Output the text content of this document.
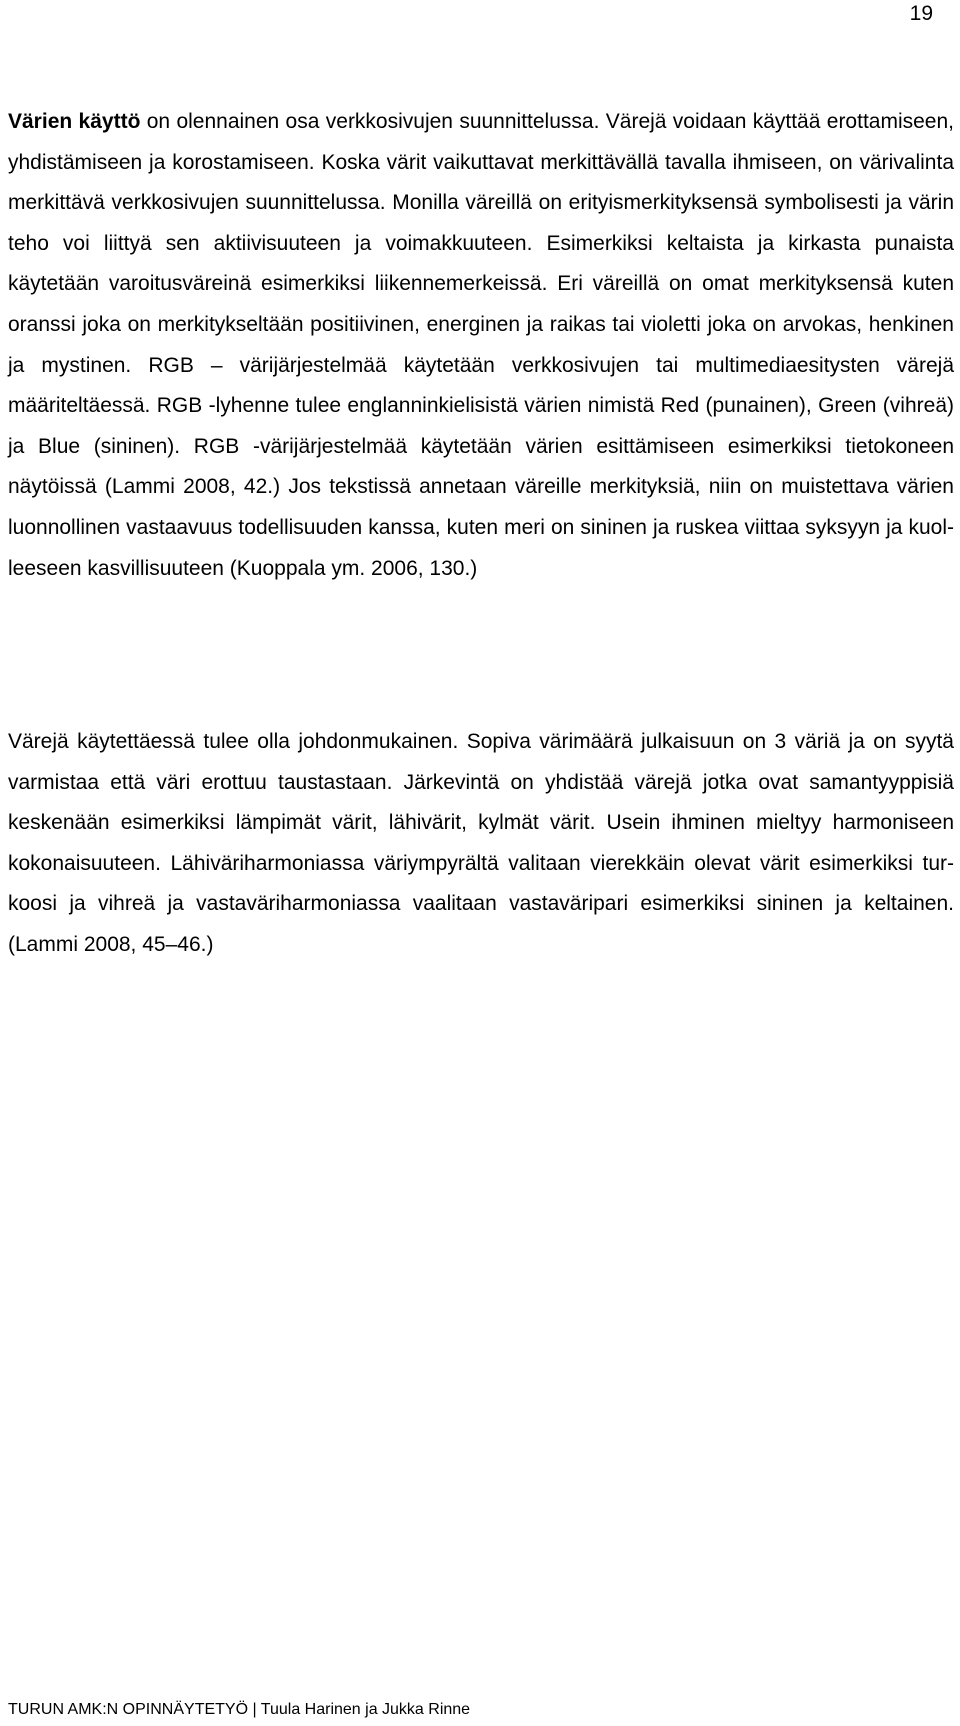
19

Värien käyttö on olennainen osa verkkosivujen suunnittelussa. Värejä voidaan käyttää erottamiseen, yhdistämiseen ja korostamiseen. Koska värit vaikuttavat merkittävällä tavalla ihmiseen, on värivalinta merkittävä verkkosivujen suunnittelussa. Monilla väreillä on erityismerkityksensä symbolisesti ja värin teho voi liittyä sen aktiivisuuteen ja voimakkuuteen. Esimerkiksi keltaista ja kirkasta punaista käytetään varoitusväreinä esimerkiksi liikennemerkeissä. Eri väreillä on omat merkityksensä kuten oranssi joka on merkitykseltään positiivinen, energinen ja raikas tai violetti joka on arvokas, henkinen ja mystinen. RGB – värijärjestelmää käytetään verkkosivujen tai multimediaesitysten värejä määriteltäessä. RGB -lyhenne tulee englanninkielisistä värien nimistä Red (punainen), Green (vihreä) ja Blue (sininen). RGB -värijärjestelmää käytetään värien esittämiseen esimerkiksi tietokoneen näytöissä (Lammi 2008, 42.) Jos tekstissä annetaan väreille merkityksiä, niin on muistettava värien luonnollinen vastaavuus todellisuuden kanssa, kuten meri on sininen ja ruskea viittaa syksyyn ja kuolleeseen kasvillisuuteen (Kuoppala ym. 2006, 130.)

Värejä käytettäessä tulee olla johdonmukainen. Sopiva värimäärä julkaisuun on 3 väriä ja on syytä varmistaa että väri erottuu taustastaan. Järkevintä on yhdistää värejä jotka ovat samantyyppisiä keskenään esimerkiksi lämpimät värit, lähivärit, kylmät värit. Usein ihminen mieltyy harmoniseen kokonaisuuteen. Lähiväriharmoniassa väriympyrältä valitaan vierekkäin olevat värit esimerkiksi turkoosi ja vihreä ja vastaväriharmoniassa vaalitaan vastaväripari esimerkiksi sininen ja keltainen. (Lammi 2008, 45–46.)

TURUN AMK:N OPINNÄYTETYÖ | Tuula Harinen ja Jukka Rinne
